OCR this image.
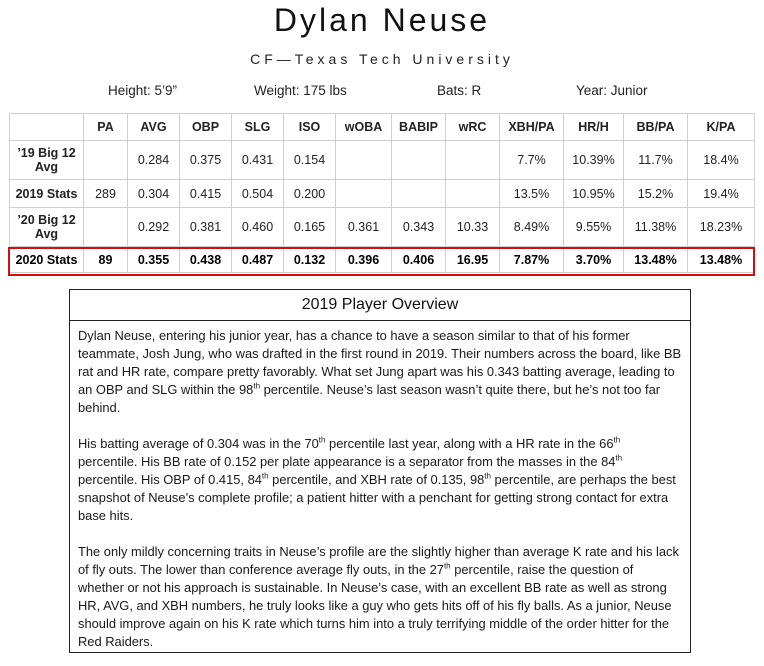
Dylan Neuse
CF—Texas Tech University
Height: 5’9”	Weight: 175 lbs	Bats: R	Year: Junior
	PA	AVG	OBP	SLG	ISO	wOBA	BABIP	wRC	XBH/PA	HR/H	BB/PA	K/PA
’19 Big 12 Avg		0.284	0.375	0.431	0.154				7.7%	10.39%	11.7%	18.4%
2019 Stats	289	0.304	0.415	0.504	0.200				13.5%	10.95%	15.2%	19.4%
’20 Big 12 Avg		0.292	0.381	0.460	0.165	0.361	0.343	10.33	8.49%	9.55%	11.38%	18.23%
2020 Stats	89	0.355	0.438	0.487	0.132	0.396	0.406	16.95	7.87%	3.70%	13.48%	13.48%
2019 Player Overview

Dylan Neuse, entering his junior year, has a chance to have a season similar to that of his former teammate, Josh Jung, who was drafted in the first round in 2019. Their numbers across the board, like BB rat and HR rate, compare pretty favorably. What set Jung apart was his 0.343 batting average, leading to an OBP and SLG within the 98th percentile. Neuse’s last season wasn’t quite there, but he’s not too far behind.

His batting average of 0.304 was in the 70th percentile last year, along with a HR rate in the 66th percentile. His BB rate of 0.152 per plate appearance is a separator from the masses in the 84th percentile. His OBP of 0.415, 84th percentile, and XBH rate of 0.135, 98th percentile, are perhaps the best snapshot of Neuse’s complete profile; a patient hitter with a penchant for getting strong contact for extra base hits.

The only mildly concerning traits in Neuse’s profile are the slightly higher than average K rate and his lack of fly outs. The lower than conference average fly outs, in the 27th percentile, raise the question of whether or not his approach is sustainable. In Neuse’s case, with an excellent BB rate as well as strong HR, AVG, and XBH numbers, he truly looks like a guy who gets hits off of his fly balls. As a junior, Neuse should improve again on his K rate which turns him into a truly terrifying middle of the order hitter for the Red Raiders.
